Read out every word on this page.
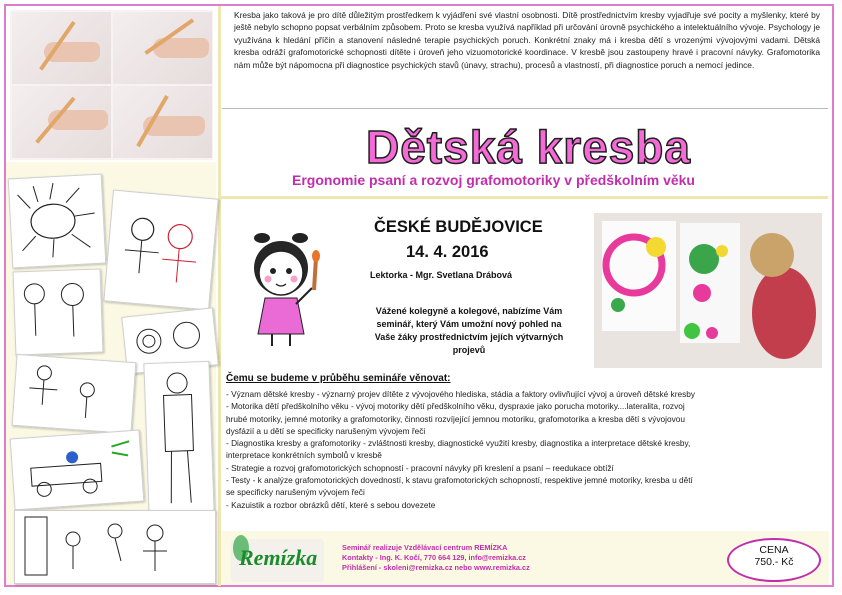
Kresba jako taková je pro dítě důležitým prostředkem k vyjádření své vlastní osobnosti. Dítě prostřednictvím kresby vyjadřuje své pocity a myšlenky, které by ještě nebylo schopno popsat verbálním způsobem. Proto se kresba využívá například při určování úrovně psychického a intelektuálního vývoje. Psychology je využívána k hledání příčin a stanovení následné terapie psychických poruch. Konkrétní znaky má i kresba dětí s vrozenými vývojovými vadami. Dětská kresba odráží grafomotorické schopnosti dítěte i úroveň jeho vizuomotorické koordinace. V kresbě jsou zastoupeny hravé i pracovní návyky. Grafomotorika nám může být nápomocna při diagnostice psychických stavů (únavy, strachu), procesů a vlastností, při diagnostice poruch a nemocí jedince.

Dětská kresba
Ergonomie psaní a rozvoj grafomotoriky v předškolním věku
ČESKÉ BUDĚJOVICE
14. 4. 2016
Lektorka - Mgr. Svetlana Drábová
Vážené kolegyně a kolegové, nabízíme Vám seminář, který Vám umožní nový pohled na Vaše žáky prostřednictvím jejích výtvarných projevů
Čemu se budeme v průběhu semináře věnovat:
- Význam dětské kresby - význarný projev dítěte z vývojového hlediska, stádia a faktory ovlivňující vývoj a úroveň dětské kresby
- Motorika dětí předškolního věku - vývoj motoriky dětí předškolního věku, dyspraxie jako porucha motoriky....lateralita, rozvoj
hrubé motoriky, jemné motoriky a grafomotoriky, činnosti rozvíjející jemnou motoriku, grafomotorika a kresba dětí s vývojovou
dysfázií a u dětí se specificky narušeným vývojem řeči
- Diagnostika kresby a grafomotoriky - zvláštnosti kresby, diagnostické využití kresby, diagnostika a interpretace dětské kresby,
interpretace konkrétních symbolů v kresbě
- Strategie a rozvoj grafomotorických schopností - pracovní návyky při kreslení a psaní – reedukace obtíží
- Testy - k analýze grafomotorických dovedností, k stavu grafomotorických schopností, respektive jemné motoriky, kresba u dětí
se specificky narušeným vývojem řeči
- Kazuistik a rozbor obrázků dětí, které s sebou dovezete
Remízka	Seminář realizuje Vzdělávací centrum REMÍZKA
Kontakty - Ing. K. Kočí, 770 664 129, info@remizka.cz
Přihlášení - skoleni@remizka.cz nebo www.remizka.cz
CENA
750.- Kč
